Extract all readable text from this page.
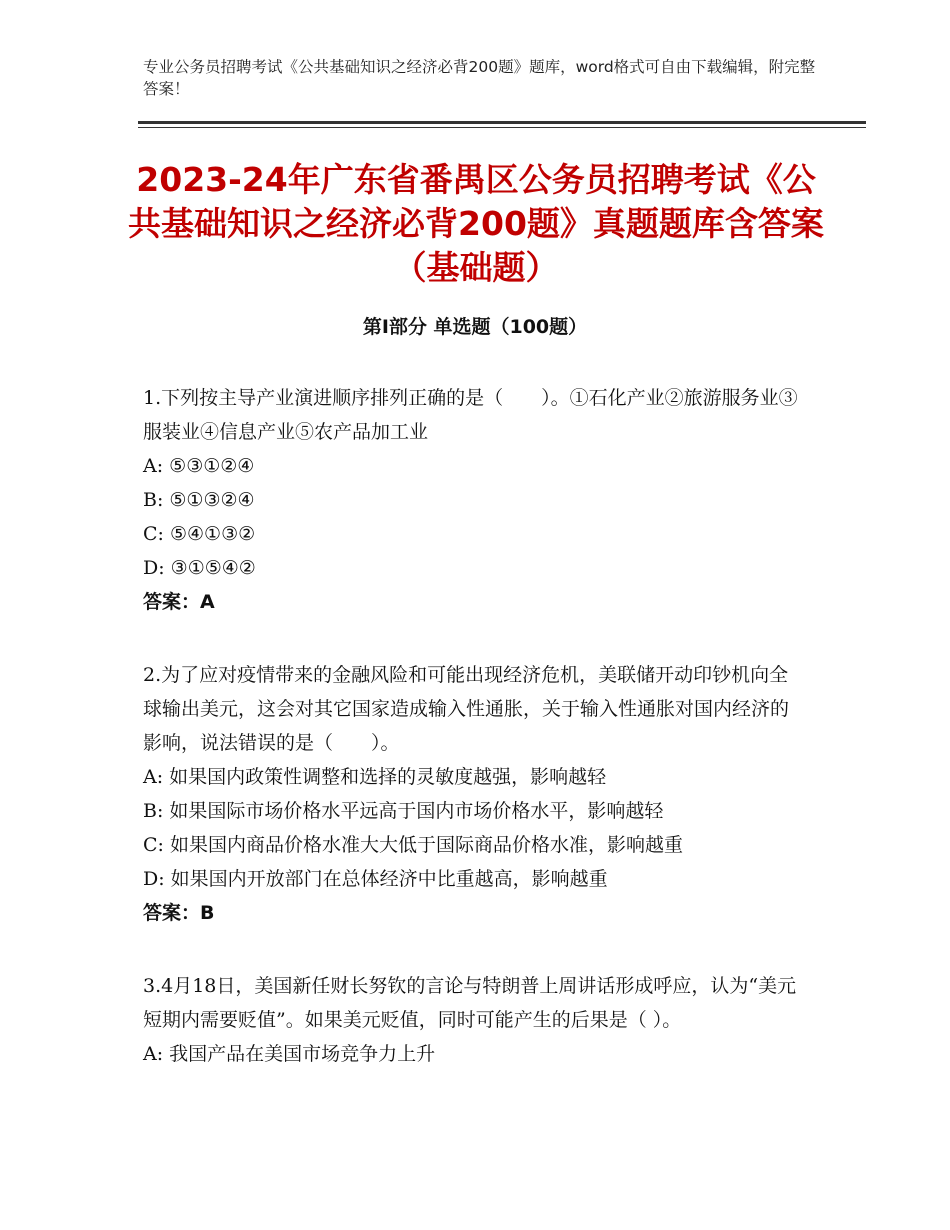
专业公务员招聘考试《公共基础知识之经济必背200题》题库，word格式可自由下载编辑，附完整答案！
2023-24年广东省番禺区公务员招聘考试《公共基础知识之经济必背200题》真题题库含答案（基础题）
第Ⅰ部分 单选题（100题）

1.下列按主导产业演进顺序排列正确的是（　　）。①石化产业②旅游服务业③服装业④信息产业⑤农产品加工业

A: ⑤③①②④

B: ⑤①③②④

C: ⑤④①③②

D: ③①⑤④②

答案：A

2.为了应对疫情带来的金融风险和可能出现经济危机，美联储开动印钞机向全球输出美元，这会对其它国家造成输入性通胀，关于输入性通胀对国内经济的影响，说法错误的是（　　）。

A: 如果国内政策性调整和选择的灵敏度越强，影响越轻

B: 如果国际市场价格水平远高于国内市场价格水平，影响越轻

C: 如果国内商品价格水准大大低于国际商品价格水准，影响越重

D: 如果国内开放部门在总体经济中比重越高，影响越重

答案：B

3.4月18日，美国新任财长努钦的言论与特朗普上周讲话形成呼应，认为“美元短期内需要贬值”。如果美元贬值，同时可能产生的后果是（ ）。

A: 我国产品在美国市场竞争力上升
